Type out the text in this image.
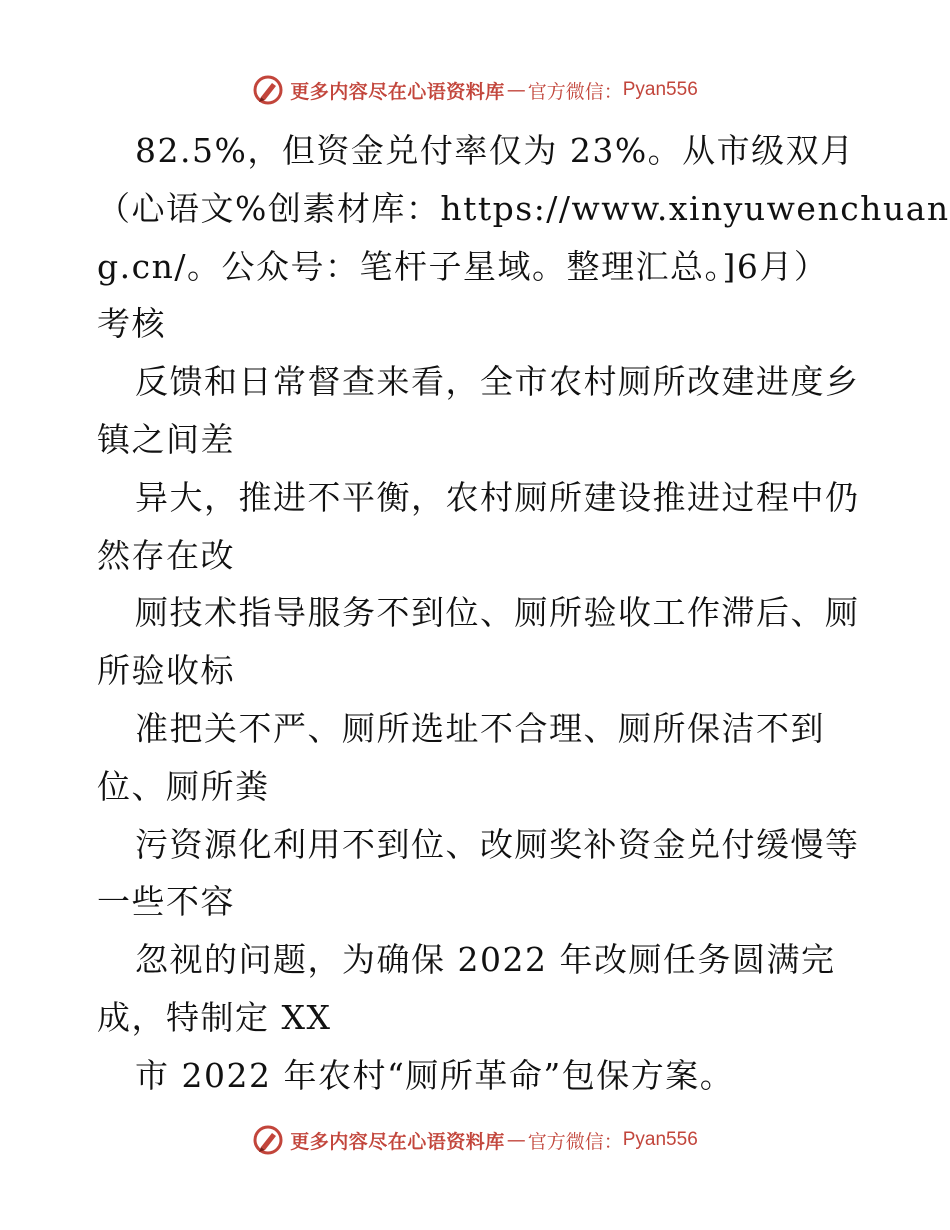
更多内容尽在心语资料库 — 官方微信： Pyan556
82.5%，但资金兑付率仅为 23%。从市级双月
（心语文%创素材库：https://www.xinyuwenchuan
g.cn/。公众号：笔杆子星域。整理汇总。]6月）
考核
反馈和日常督查来看，全市农村厕所改建进度乡
镇之间差
异大，推进不平衡，农村厕所建设推进过程中仍
然存在改
厕技术指导服务不到位、厕所验收工作滞后、厕
所验收标
准把关不严、厕所选址不合理、厕所保洁不到
位、厕所粪
污资源化利用不到位、改厕奖补资金兑付缓慢等
一些不容
忽视的问题，为确保 2022 年改厕任务圆满完
成，特制定 XX
市 2022 年农村“厕所革命”包保方案。
更多内容尽在心语资料库 — 官方微信： Pyan556
